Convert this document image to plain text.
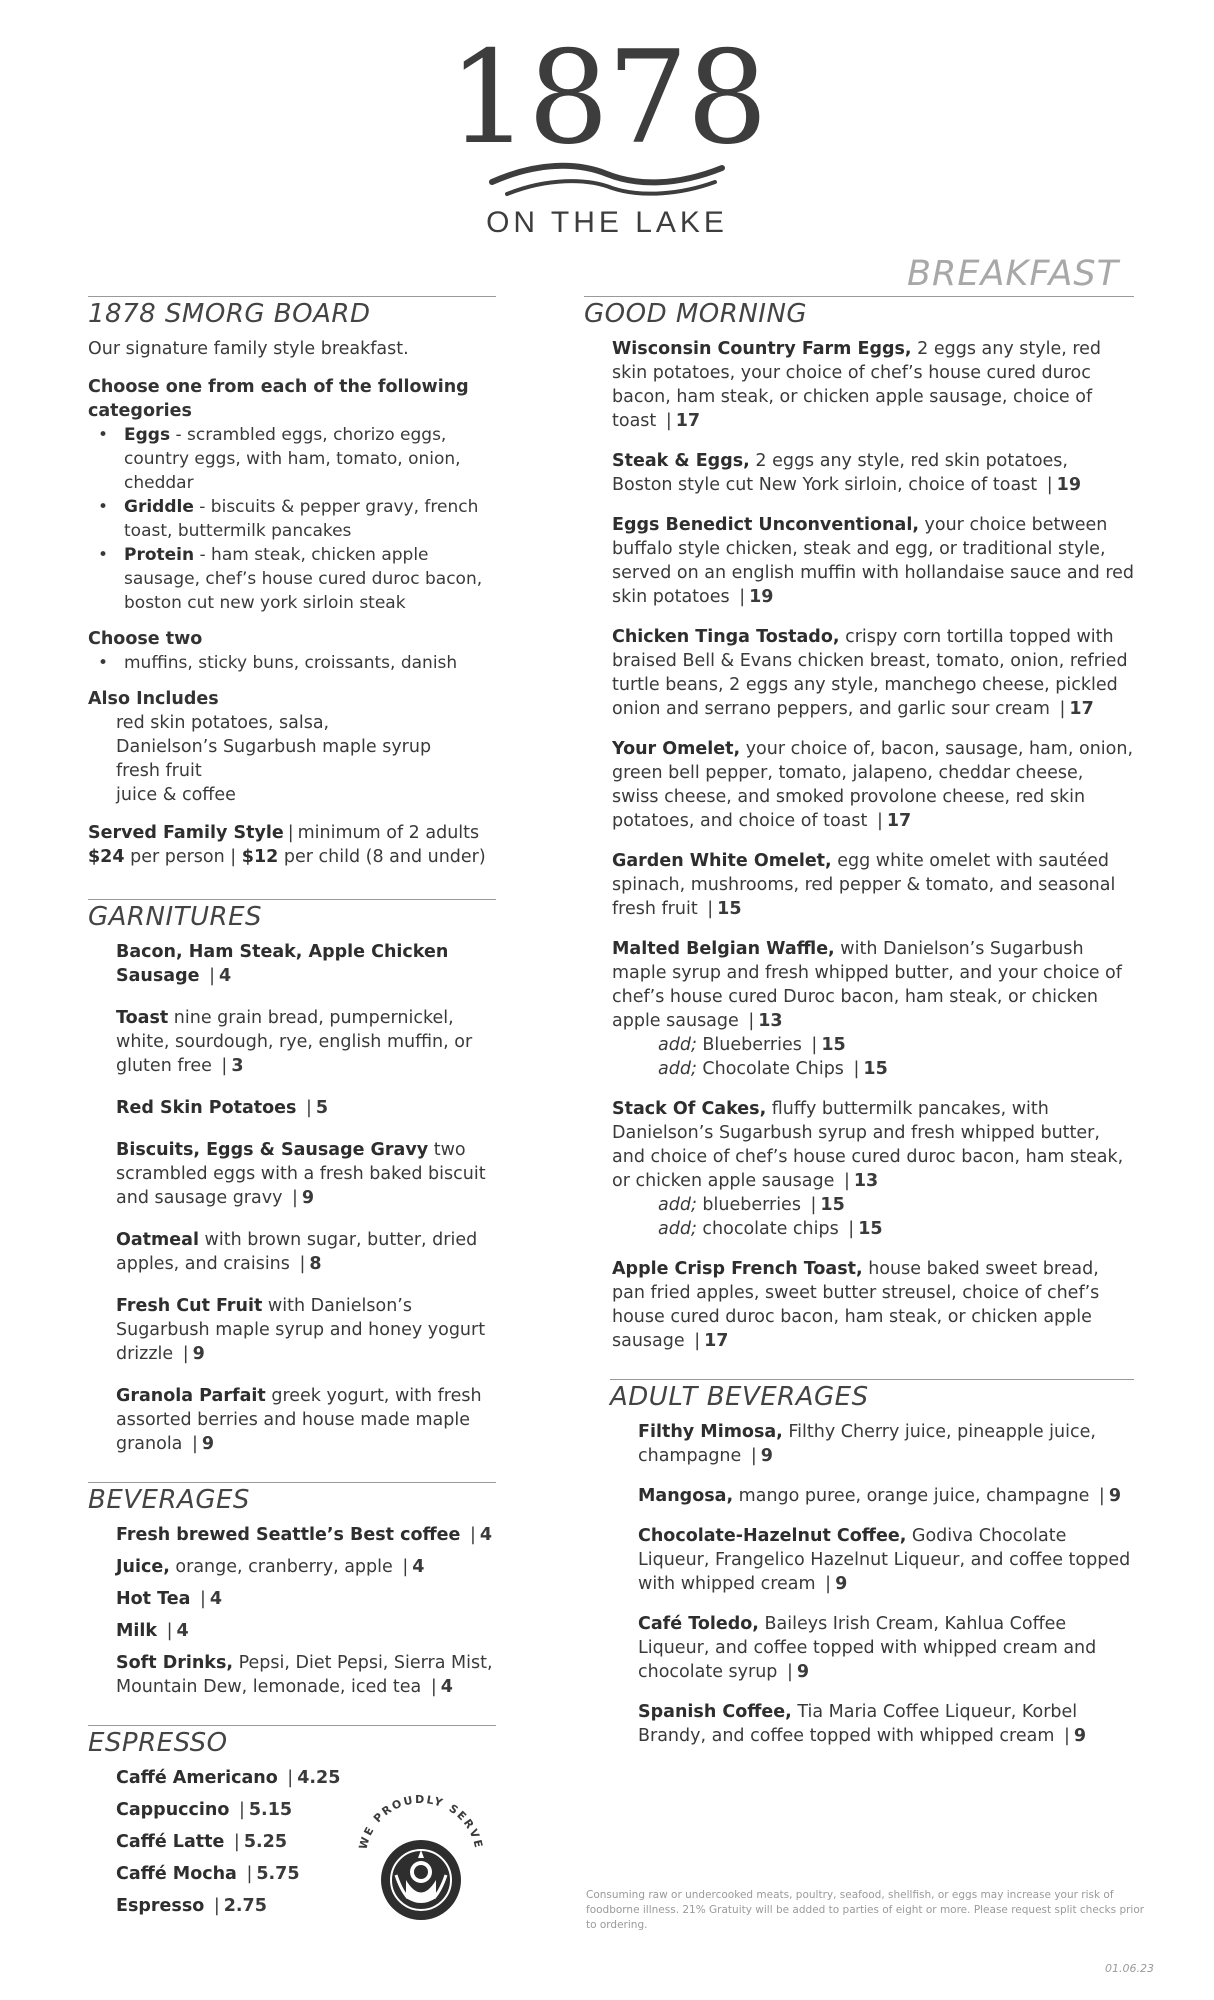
1878
ON THE LAKE
BREAKFAST
1878 SMORG BOARD
Our signature family style breakfast.
Choose one from each of the following categories
• Eggs - scrambled eggs, chorizo eggs, country eggs, with ham, tomato, onion, cheddar
• Griddle - biscuits & pepper gravy, french toast, buttermilk pancakes
• Protein - ham steak, chicken apple sausage, chef’s house cured duroc bacon, boston cut new york sirloin steak
Choose two
• muffins, sticky buns, croissants, danish
Also Includes
red skin potatoes, salsa,
Danielson’s Sugarbush maple syrup
fresh fruit
juice & coffee
Served Family Style | minimum of 2 adults
$24 per person | $12 per child (8 and under)
GARNITURES
Bacon, Ham Steak, Apple Chicken Sausage | 4
Toast nine grain bread, pumpernickel, white, sourdough, rye, english muffin, or gluten free | 3
Red Skin Potatoes | 5
Biscuits, Eggs & Sausage Gravy two scrambled eggs with a fresh baked biscuit and sausage gravy | 9
Oatmeal with brown sugar, butter, dried apples, and craisins | 8
Fresh Cut Fruit with Danielson’s Sugarbush maple syrup and honey yogurt drizzle | 9
Granola Parfait greek yogurt, with fresh assorted berries and house made maple granola | 9
BEVERAGES
Fresh brewed Seattle’s Best coffee | 4
Juice, orange, cranberry, apple | 4
Hot Tea | 4
Milk | 4
Soft Drinks, Pepsi, Diet Pepsi, Sierra Mist, Mountain Dew, lemonade, iced tea | 4
ESPRESSO
Caffé Americano | 4.25
Cappuccino | 5.15
Caffé Latte | 5.25
Caffé Mocha | 5.75
Espresso | 2.75
WE PROUDLY SERVE
GOOD MORNING
Wisconsin Country Farm Eggs, 2 eggs any style, red skin potatoes, your choice of chef’s house cured duroc bacon, ham steak, or chicken apple sausage, choice of toast | 17
Steak & Eggs, 2 eggs any style, red skin potatoes, Boston style cut New York sirloin, choice of toast | 19
Eggs Benedict Unconventional, your choice between buffalo style chicken, steak and egg, or traditional style, served on an english muffin with hollandaise sauce and red skin potatoes | 19
Chicken Tinga Tostado, crispy corn tortilla topped with braised Bell & Evans chicken breast, tomato, onion, refried turtle beans, 2 eggs any style, manchego cheese, pickled onion and serrano peppers, and garlic sour cream | 17
Your Omelet, your choice of, bacon, sausage, ham, onion, green bell pepper, tomato, jalapeno, cheddar cheese, swiss cheese, and smoked provolone cheese, red skin potatoes, and choice of toast | 17
Garden White Omelet, egg white omelet with sautéed spinach, mushrooms, red pepper & tomato, and seasonal fresh fruit | 15
Malted Belgian Waffle, with Danielson’s Sugarbush maple syrup and fresh whipped butter, and your choice of chef’s house cured Duroc bacon, ham steak, or chicken apple sausage | 13
add; Blueberries | 15
add; Chocolate Chips | 15
Stack Of Cakes, fluffy buttermilk pancakes, with Danielson’s Sugarbush syrup and fresh whipped butter, and choice of chef’s house cured duroc bacon, ham steak, or chicken apple sausage | 13
add; blueberries | 15
add; chocolate chips | 15
Apple Crisp French Toast, house baked sweet bread, pan fried apples, sweet butter streusel, choice of chef’s house cured duroc bacon, ham steak, or chicken apple sausage | 17
ADULT BEVERAGES
Filthy Mimosa, Filthy Cherry juice, pineapple juice, champagne | 9
Mangosa, mango puree, orange juice, champagne | 9
Chocolate-Hazelnut Coffee, Godiva Chocolate Liqueur, Frangelico Hazelnut Liqueur, and coffee topped with whipped cream | 9
Café Toledo, Baileys Irish Cream, Kahlua Coffee Liqueur, and coffee topped with whipped cream and chocolate syrup | 9
Spanish Coffee, Tia Maria Coffee Liqueur, Korbel Brandy, and coffee topped with whipped cream | 9
Consuming raw or undercooked meats, poultry, seafood, shellfish, or eggs may increase your risk of foodborne illness. 21% Gratuity will be added to parties of eight or more. Please request split checks prior to ordering.
01.06.23
